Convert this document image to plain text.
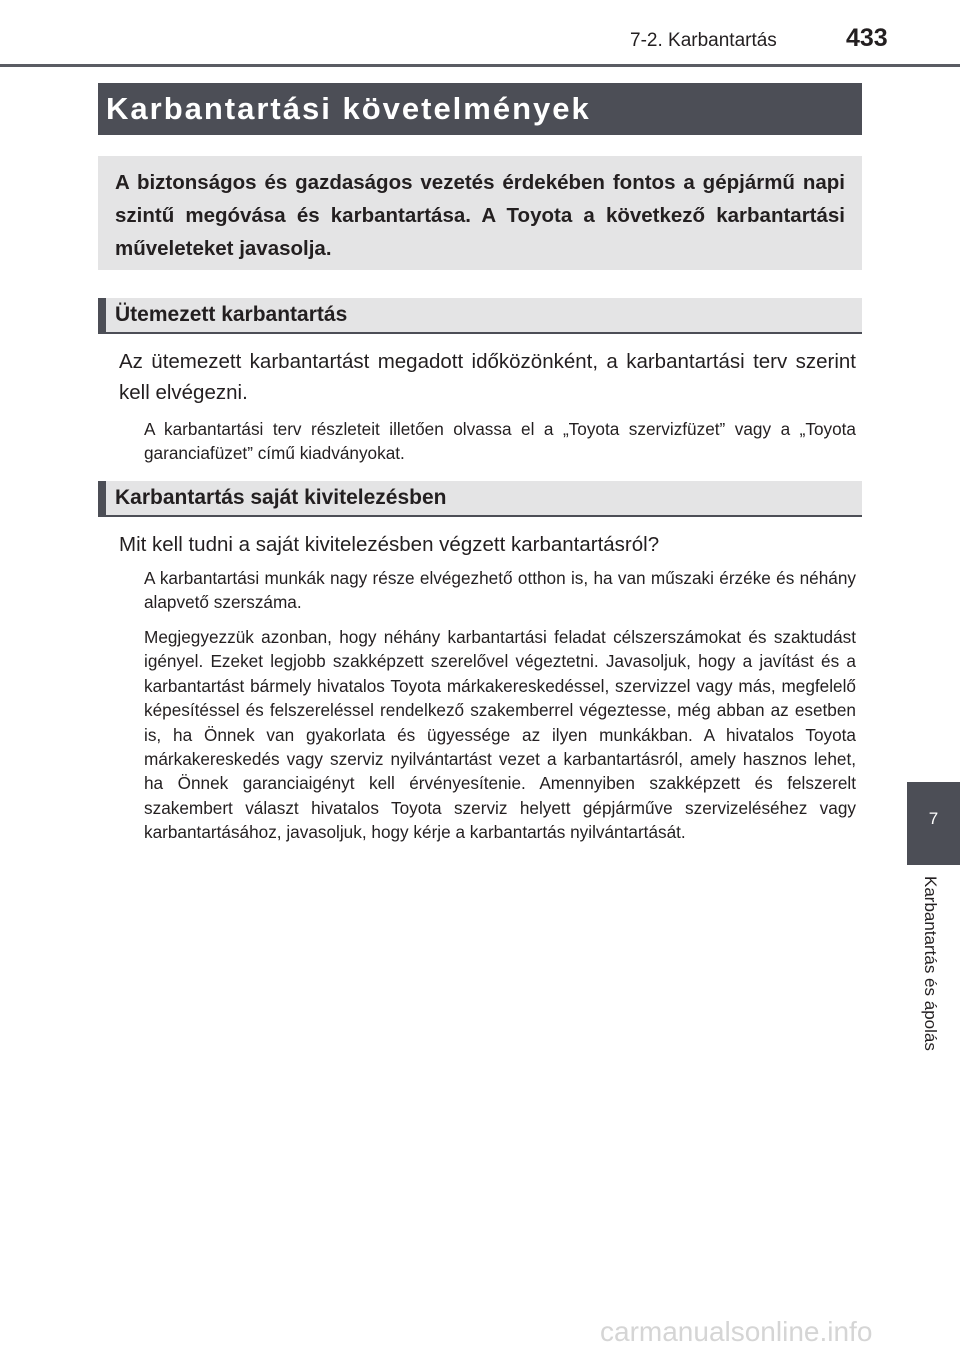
7-2. Karbantartás	433
Karbantartási követelmények
A biztonságos és gazdaságos vezetés érdekében fontos a gépjármű napi szintű megóvása és karbantartása. A Toyota a következő karbantartási műveleteket javasolja.
Ütemezett karbantartás
Az ütemezett karbantartást megadott időközönként, a karbantartási terv szerint kell elvégezni.
A karbantartási terv részleteit illetően olvassa el a „Toyota szervizfüzet” vagy a „Toyota garanciafüzet” című kiadványokat.
Karbantartás saját kivitelezésben
Mit kell tudni a saját kivitelezésben végzett karbantartásról?
A karbantartási munkák nagy része elvégezhető otthon is, ha van műszaki érzéke és néhány alapvető szerszáma.
Megjegyezzük azonban, hogy néhány karbantartási feladat célszerszámokat és szaktudást igényel. Ezeket legjobb szakképzett szerelővel végeztetni. Javasoljuk, hogy a javítást és a karbantartást bármely hivatalos Toyota márkakereskedéssel, szervizzel vagy más, megfelelő képesítéssel és felszereléssel rendelkező szakemberrel végeztesse, még abban az esetben is, ha Önnek van gyakorlata és ügyessége az ilyen munkákban. A hivatalos Toyota márkakereskedés vagy szerviz nyilvántartást vezet a karbantartásról, amely hasznos lehet, ha Önnek garanciaigényt kell érvényesítenie. Amennyiben szakképzett és felszerelt szakembert választ hivatalos Toyota szerviz helyett gépjárműve szervizeléséhez vagy karbantartásához, javasoljuk, hogy kérje a karbantartás nyilvántartását.
7
Karbantartás és ápolás
carmanualsonline.info
